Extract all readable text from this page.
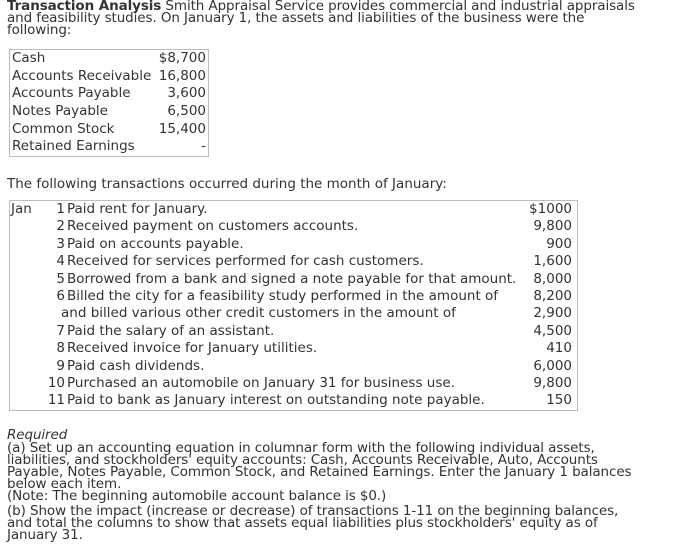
Transaction Analysis Smith Appraisal Service provides commercial and industrial appraisals and feasibility studies. On January 1, the assets and liabilities of the business were the following:
Cash	$8,700
Accounts Receivable	16,800
Accounts Payable	3,600
Notes Payable	6,500
Common Stock	15,400
Retained Earnings	-
The following transactions occurred during the month of January:
Jan 1 Paid rent for January.	$1000
2 Received payment on customers accounts.	9,800
3 Paid on accounts payable.	900
4 Received for services performed for cash customers.	1,600
5 Borrowed from a bank and signed a note payable for that amount. 8,000
6 Billed the city for a feasibility study performed in the amount of	8,200
and billed various other credit customers in the amount of	2,900
7 Paid the salary of an assistant.	4,500
8 Received invoice for January utilities.	410
9 Paid cash dividends.	6,000
10 Purchased an automobile on January 31 for business use.	9,800
11 Paid to bank as January interest on outstanding note payable.	150
Required

(a) Set up an accounting equation in columnar form with the following individual assets, liabilities, and stockholders' equity accounts: Cash, Accounts Receivable, Auto, Accounts Payable, Notes Payable, Common Stock, and Retained Earnings. Enter the January 1 balances below each item.

(Note: The beginning automobile account balance is $0.)

(b) Show the impact (increase or decrease) of transactions 1-11 on the beginning balances, and total the columns to show that assets equal liabilities plus stockholders' equity as of January 31.
